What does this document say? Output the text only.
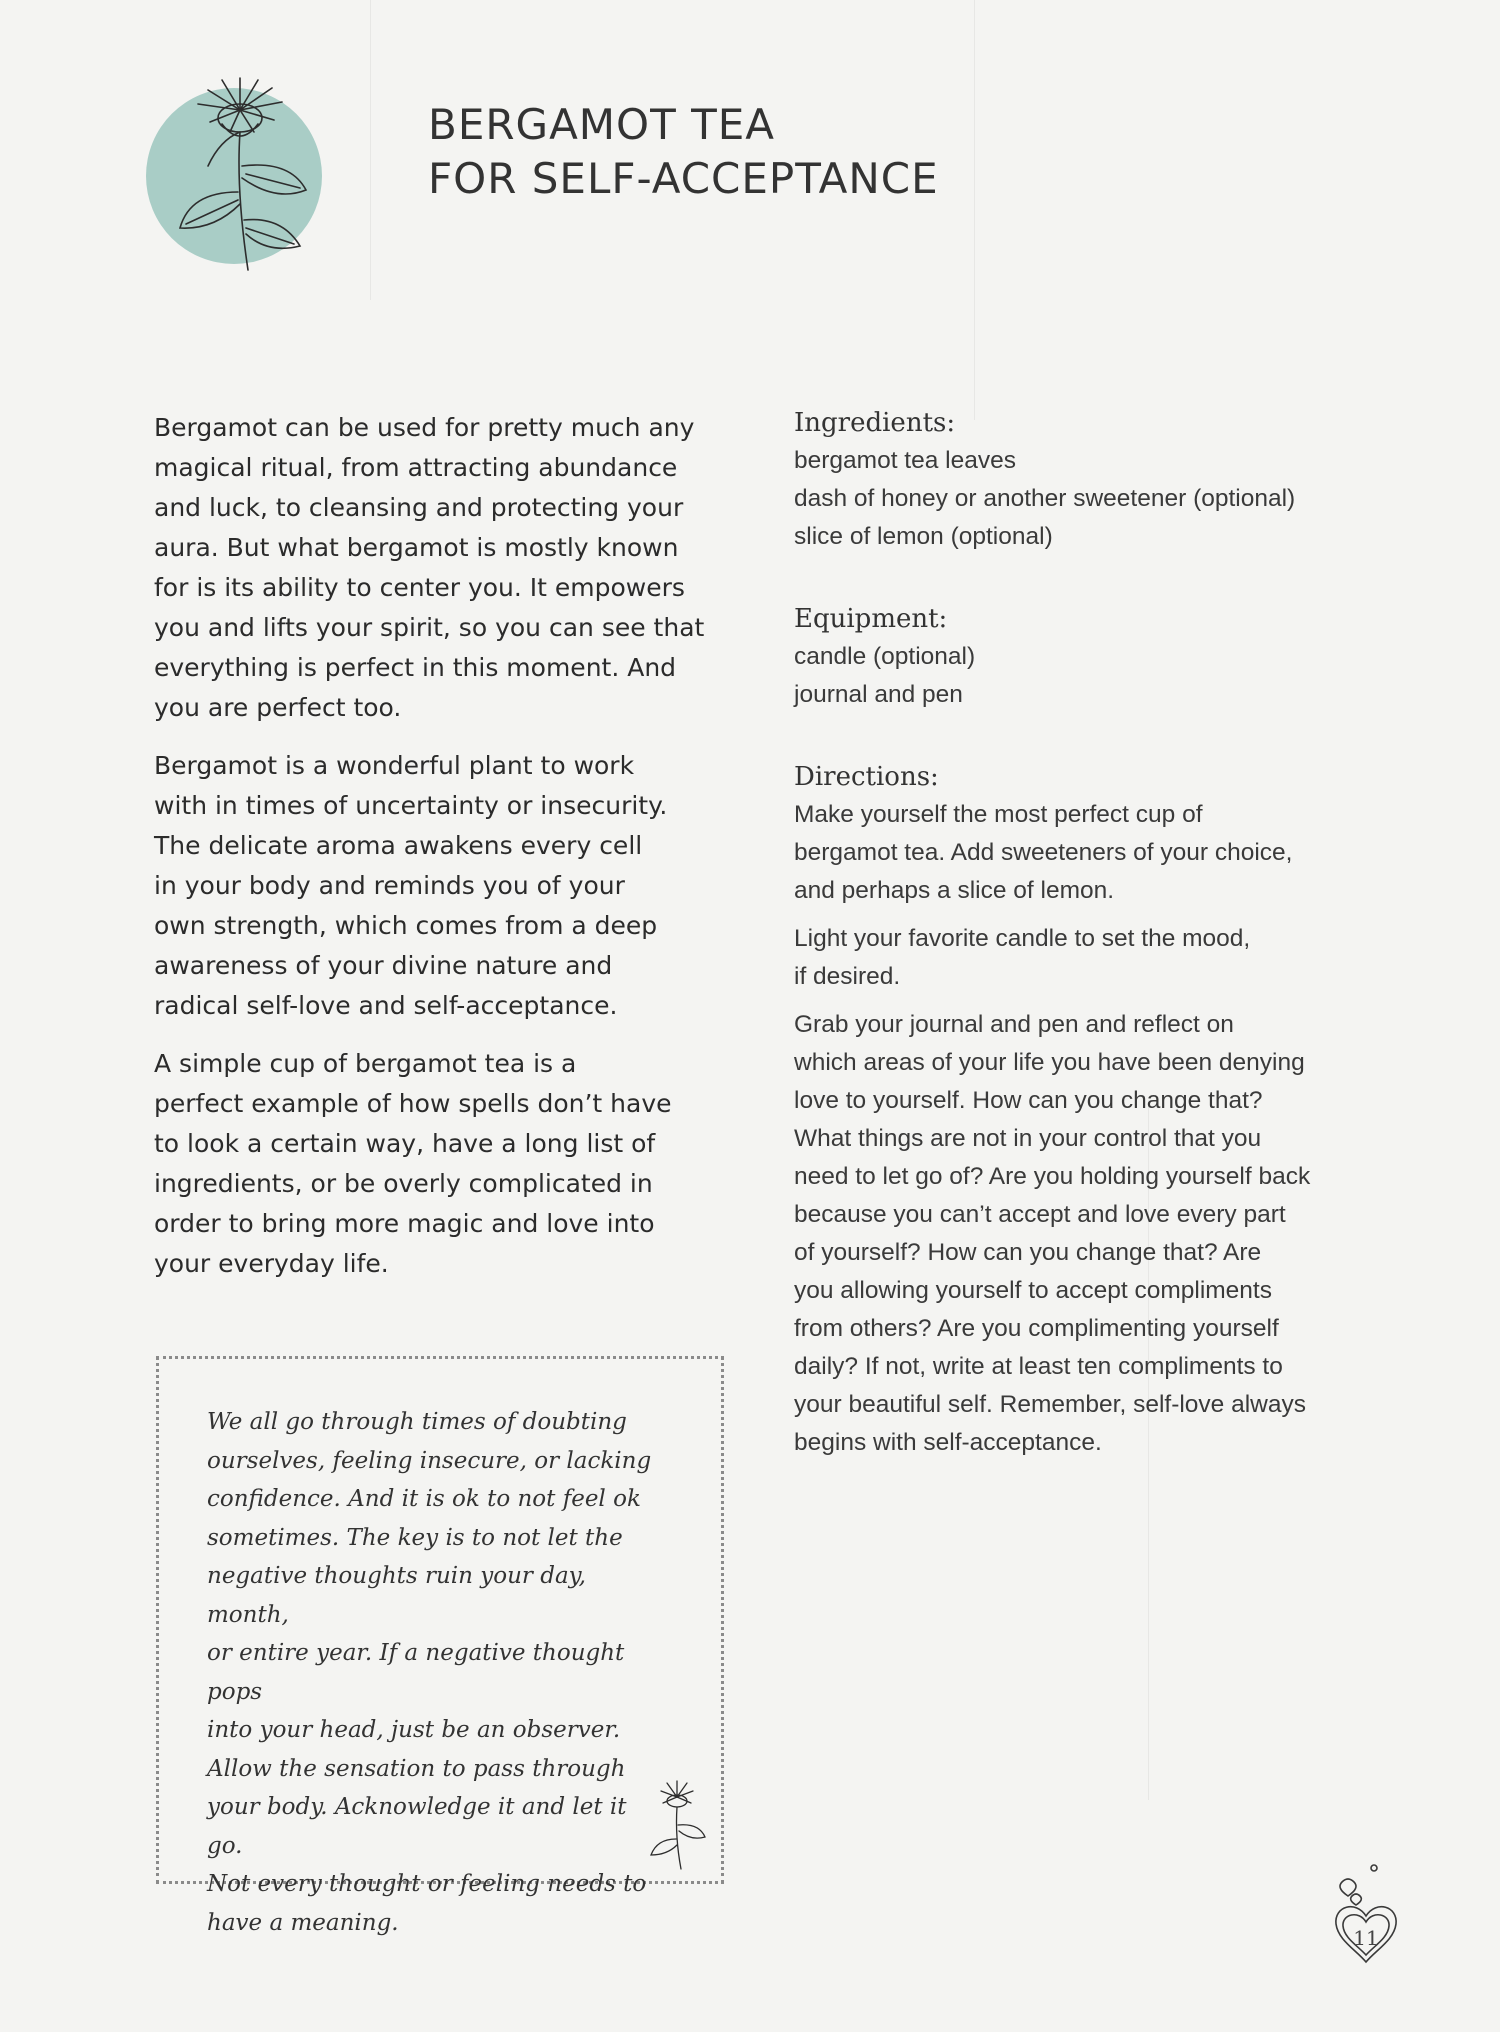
BERGAMOT TEA
FOR SELF-ACCEPTANCE

Bergamot can be used for pretty much any
magical ritual, from attracting abundance
and luck, to cleansing and protecting your
aura. But what bergamot is mostly known
for is its ability to center you. It empowers
you and lifts your spirit, so you can see that
everything is perfect in this moment. And
you are perfect too.

Bergamot is a wonderful plant to work
with in times of uncertainty or insecurity.
The delicate aroma awakens every cell
in your body and reminds you of your
own strength, which comes from a deep
awareness of your divine nature and
radical self-love and self-acceptance.

A simple cup of bergamot tea is a
perfect example of how spells don’t have
to look a certain way, have a long list of
ingredients, or be overly complicated in
order to bring more magic and love into
your everyday life.

We all go through times of doubting
ourselves, feeling insecure, or lacking
confidence. And it is ok to not feel ok
sometimes. The key is to not let the
negative thoughts ruin your day, month,
or entire year. If a negative thought pops
into your head, just be an observer.
Allow the sensation to pass through
your body. Acknowledge it and let it go.
Not every thought or feeling needs to
have a meaning.

Ingredients:

bergamot tea leaves

dash of honey or another sweetener (optional)

slice of lemon (optional)

Equipment:

candle (optional)

journal and pen

Directions:

Make yourself the most perfect cup of

bergamot tea. Add sweeteners of your choice,

and perhaps a slice of lemon.

Light your favorite candle to set the mood,

if desired.

Grab your journal and pen and reflect on

which areas of your life you have been denying

love to yourself. How can you change that?

What things are not in your control that you

need to let go of? Are you holding yourself back

because you can’t accept and love every part

of yourself? How can you change that? Are

you allowing yourself to accept compliments

from others? Are you complimenting yourself

daily? If not, write at least ten compliments to

your beautiful self. Remember, self-love always

begins with self-acceptance.

11
